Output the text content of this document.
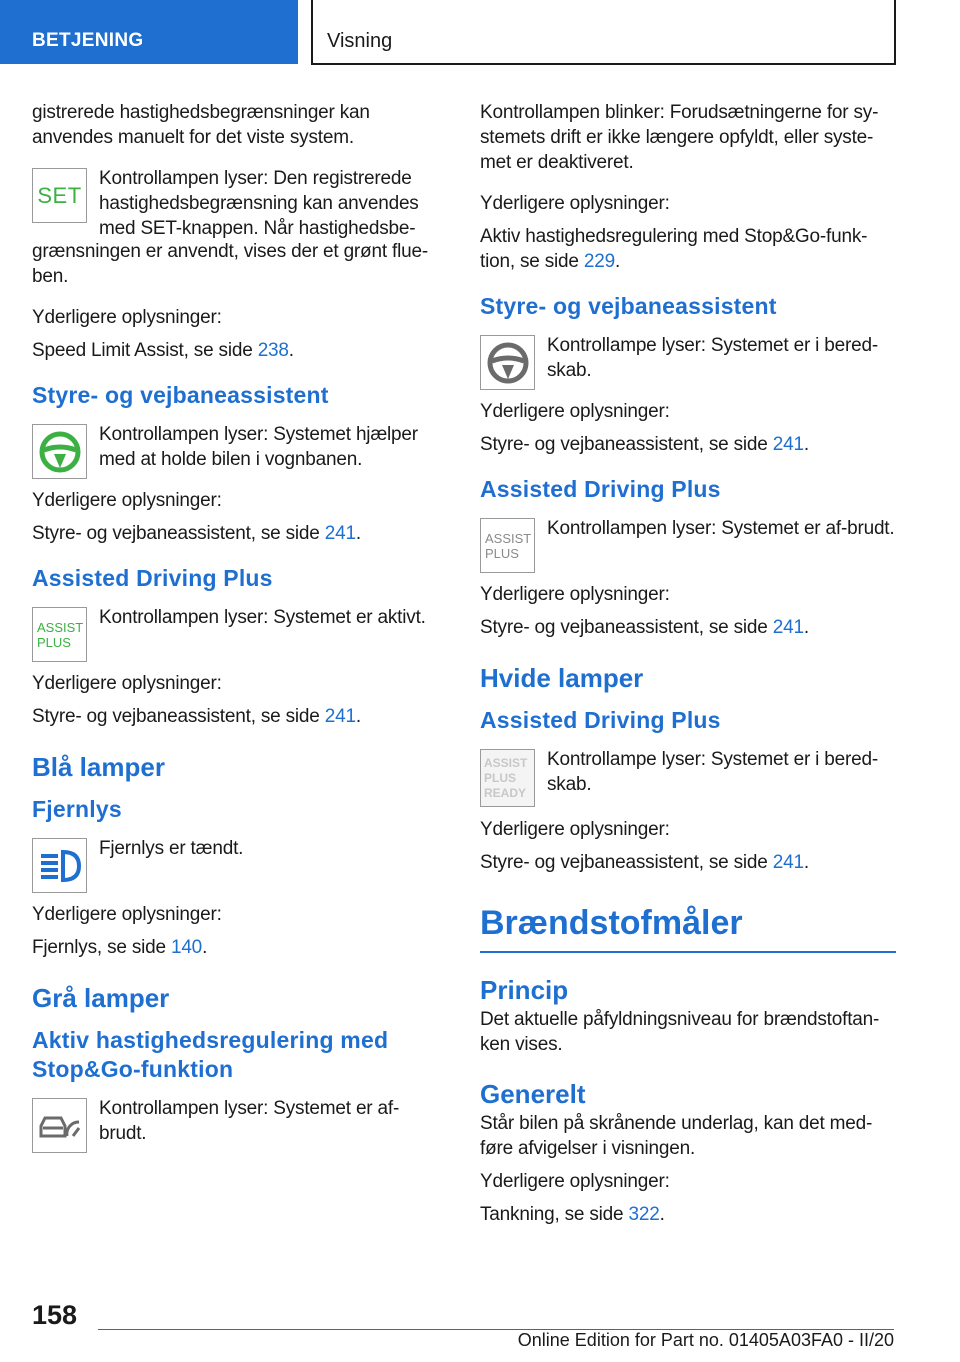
BETJENING	Visning

gistrerede hastighedsbegrænsninger kan anvendes manuelt for det viste system.

SET
Kontrollampen lyser: Den registrerede
hastighedsbegrænsning kan anvendes
med SET-knappen. Når hastighedsbe-

grænsningen er anvendt, vises der et grønt flue-ben.

Yderligere oplysninger:

Speed Limit Assist, se side 238.

Styre- og vejbaneassistent
Kontrollampen lyser: Systemet hjælper med at holde bilen i vognbanen.

Yderligere oplysninger:

Styre- og vejbaneassistent, se side 241.

Assisted Driving Plus
ASSIST
PLUS
Kontrollampen lyser: Systemet er aktivt.

Yderligere oplysninger:

Styre- og vejbaneassistent, se side 241.

Blå lamper
Fjernlys
Fjernlys er tændt.

Yderligere oplysninger:

Fjernlys, se side 140.

Grå lamper
Aktiv hastighedsregulering med Stop&Go-funktion
Kontrollampen lyser: Systemet er af-brudt.

Kontrollampen blinker: Forudsætningerne for sy-stemets drift er ikke længere opfyldt, eller syste-met er deaktiveret.

Yderligere oplysninger:

Aktiv hastighedsregulering med Stop&Go-funk-tion, se side 229.

Styre- og vejbaneassistent
Kontrollampe lyser: Systemet er i bered-skab.

Yderligere oplysninger:

Styre- og vejbaneassistent, se side 241.

Assisted Driving Plus
ASSIST
PLUS
Kontrollampen lyser: Systemet er af-brudt.

Yderligere oplysninger:

Styre- og vejbaneassistent, se side 241.

Hvide lamper
Assisted Driving Plus
ASSIST
PLUS
READY
Kontrollampe lyser: Systemet er i bered-skab.

Yderligere oplysninger:

Styre- og vejbaneassistent, se side 241.

Brændstofmåler
Princip

Det aktuelle påfyldningsniveau for brændstoftan-ken vises.

Generelt

Står bilen på skrånende underlag, kan det med-føre afvigelser i visningen.

Yderligere oplysninger:

Tankning, se side 322.

158
Online Edition for Part no. 01405A03FA0 - II/20
